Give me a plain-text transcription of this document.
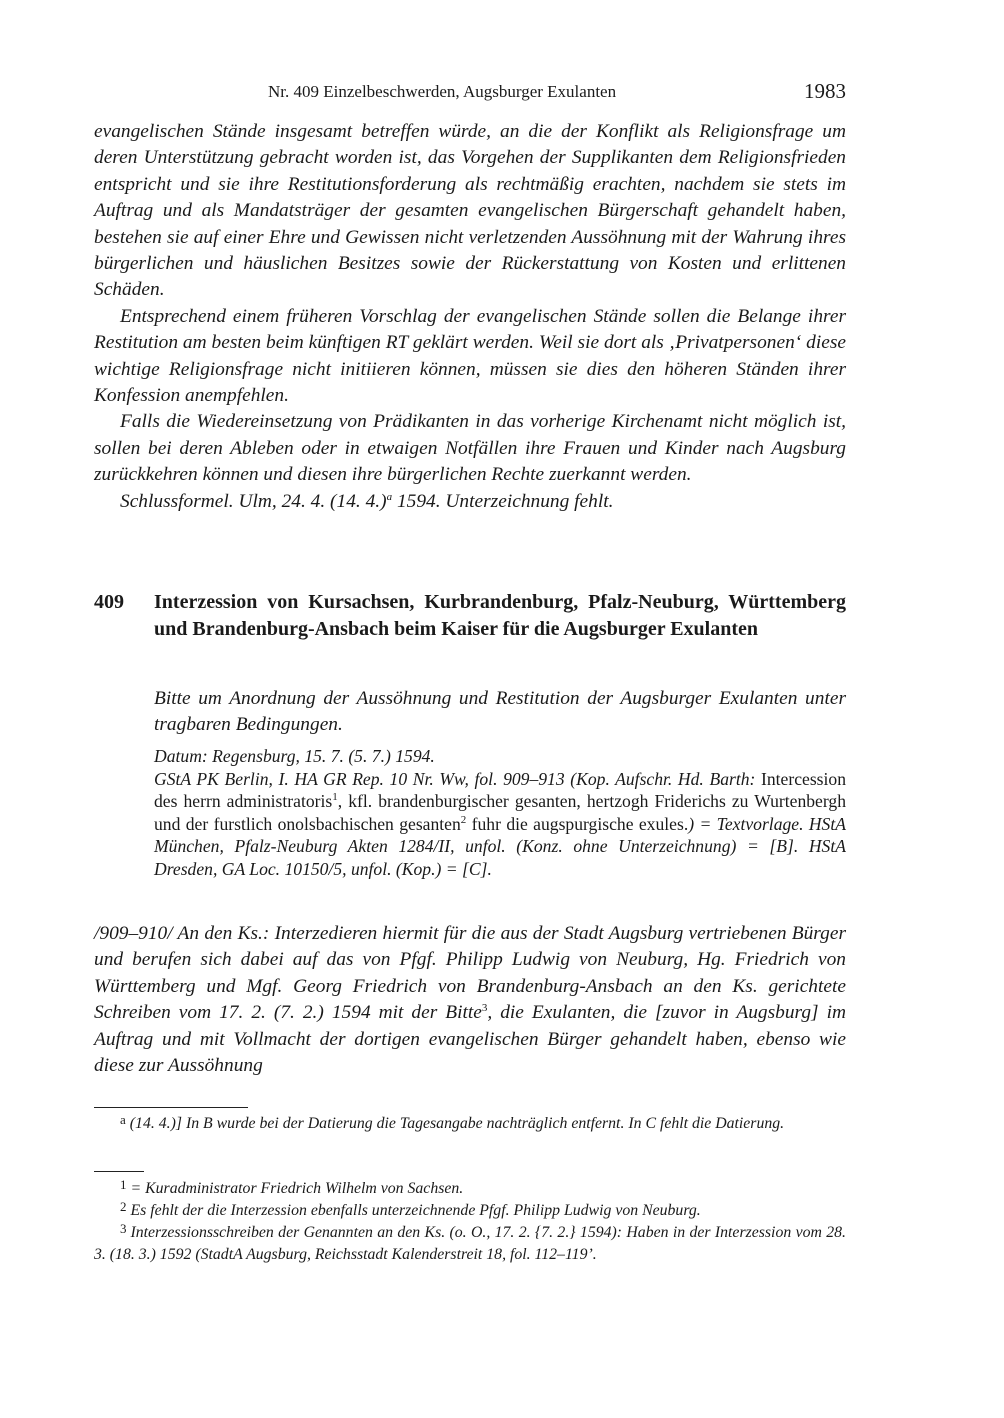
Nr. 409 Einzelbeschwerden, Augsburger Exulanten	1983

evangelischen Stände insgesamt betreffen würde, an die der Konflikt als Religionsfrage um deren Unterstützung gebracht worden ist, das Vorgehen der Supplikanten dem Religionsfrieden entspricht und sie ihre Restitutionsforderung als rechtmäßig erachten, nachdem sie stets im Auftrag und als Mandatsträger der gesamten evangelischen Bürgerschaft gehandelt haben, bestehen sie auf einer Ehre und Gewissen nicht verletzenden Aussöhnung mit der Wahrung ihres bürgerlichen und häuslichen Besitzes sowie der Rückerstattung von Kosten und erlittenen Schäden.

Entsprechend einem früheren Vorschlag der evangelischen Stände sollen die Belange ihrer Restitution am besten beim künftigen RT geklärt werden. Weil sie dort als ‚Privatpersonen‘ diese wichtige Religionsfrage nicht initiieren können, müssen sie dies den höheren Ständen ihrer Konfession anempfehlen.

Falls die Wiedereinsetzung von Prädikanten in das vorherige Kirchenamt nicht möglich ist, sollen bei deren Ableben oder in etwaigen Notfällen ihre Frauen und Kinder nach Augsburg zurückkehren können und diesen ihre bürgerlichen Rechte zuerkannt werden.

Schlussformel. Ulm, 24. 4. (14. 4.)$^a$ 1594. Unterzeichnung fehlt.

409 Interzession von Kursachsen, Kurbrandenburg, Pfalz-Neuburg, Württemberg und Brandenburg-Ansbach beim Kaiser für die Augsburger Exulanten
Bitte um Anordnung der Aussöhnung und Restitution der Augsburger Exulanten unter tragbaren Bedingungen.
Datum: Regensburg, 15. 7. (5. 7.) 1594.
GStA PK Berlin, I. HA GR Rep. 10 Nr. Ww, fol. 909–913 (Kop. Aufschr. Hd. Barth: Intercession des herrn administratoris$^1$, kfl. brandenburgischer gesanten, hertzogh Friderichs zu Wurtenbergh und der furstlich onolsbachischen gesanten$^2$ fuhr die augspurgische exules.) = Textvorlage. HStA München, Pfalz-Neuburg Akten 1284/II, unfol. (Konz. ohne Unterzeichnung) = [B]. HStA Dresden, GA Loc. 10150/5, unfol. (Kop.) = [C].

/909–910/ An den Ks.: Interzedieren hiermit für die aus der Stadt Augsburg vertriebenen Bürger und berufen sich dabei auf das von Pfgf. Philipp Ludwig von Neuburg, Hg. Friedrich von Württemberg und Mgf. Georg Friedrich von Brandenburg-Ansbach an den Ks. gerichtete Schreiben vom 17. 2. (7. 2.) 1594 mit der Bitte$^3$, die Exulanten, die [zuvor in Augsburg] im Auftrag und mit Vollmacht der dortigen evangelischen Bürger gehandelt haben, ebenso wie diese zur Aussöhnung

$^a$ (14. 4.)] In B wurde bei der Datierung die Tagesangabe nachträglich entfernt. In C fehlt die Datierung.

$^1$ = Kuradministrator Friedrich Wilhelm von Sachsen.

$^2$ Es fehlt der die Interzession ebenfalls unterzeichnende Pfgf. Philipp Ludwig von Neuburg.

$^3$ Interzessionsschreiben der Genannten an den Ks. (o. O., 17. 2. {7. 2.} 1594): Haben in der Interzession vom 28. 3. (18. 3.) 1592 (StadtA Augsburg, Reichsstadt Kalenderstreit 18, fol. 112–119’.
